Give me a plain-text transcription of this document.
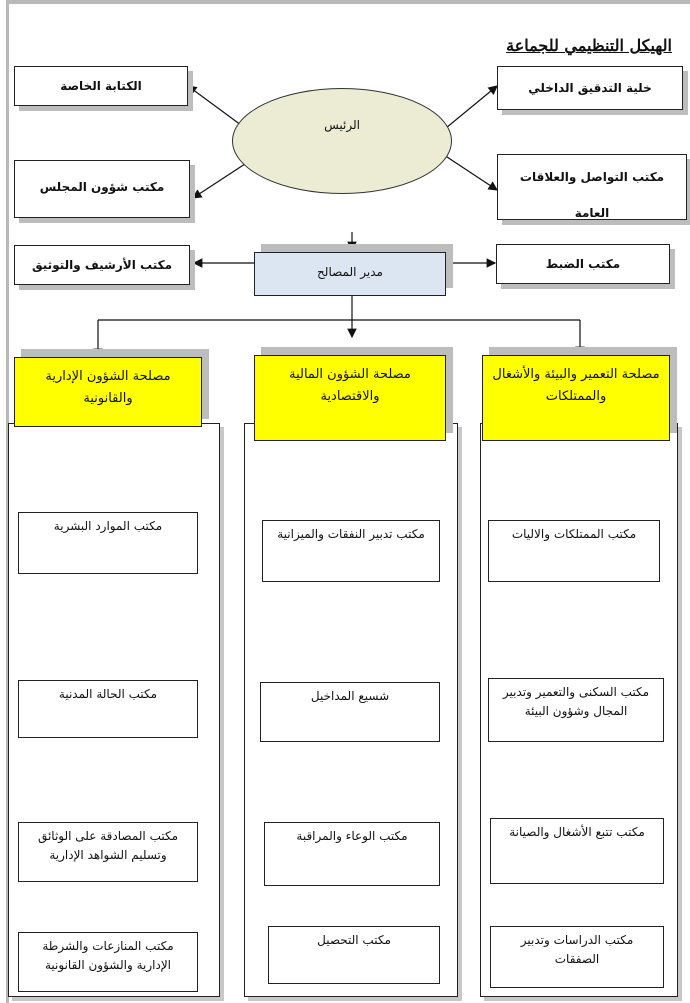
الهيكل التنظيمي للجماعة
الرئيس
الكتابة الخاصة
مكتب شؤون المجلس
خلية التدقيق الداخلي
مكتب التواصل والعلاقات العامة
مكتب الأرشيف والتوثيق	مدير المصالح
مكتب الضبط
مصلحة التعمير والبيئة والأشغال والممتلكات
مصلحة الشؤون المالية والاقتصادية
مصلحة الشؤون الإدارية والقانونية
مكتب الممتلكات والاليات
مكتب السكنى والتعمير وتدبير المجال وشؤون البيئة
مكتب تتبع الأشغال والصيانة
مكتب الدراسات وتدبير الصفقات
مكتب تدبير النفقات والميزانية
شسيع المداخيل
مكتب الوعاء والمراقبة
مكتب التحصيل
مكتب الموارد البشرية
مكتب الحالة المدنية
مكتب المصادقة على الوثائق وتسليم الشواهد الإدارية
مكتب المنازعات والشرطة الإدارية والشؤون القانونية
